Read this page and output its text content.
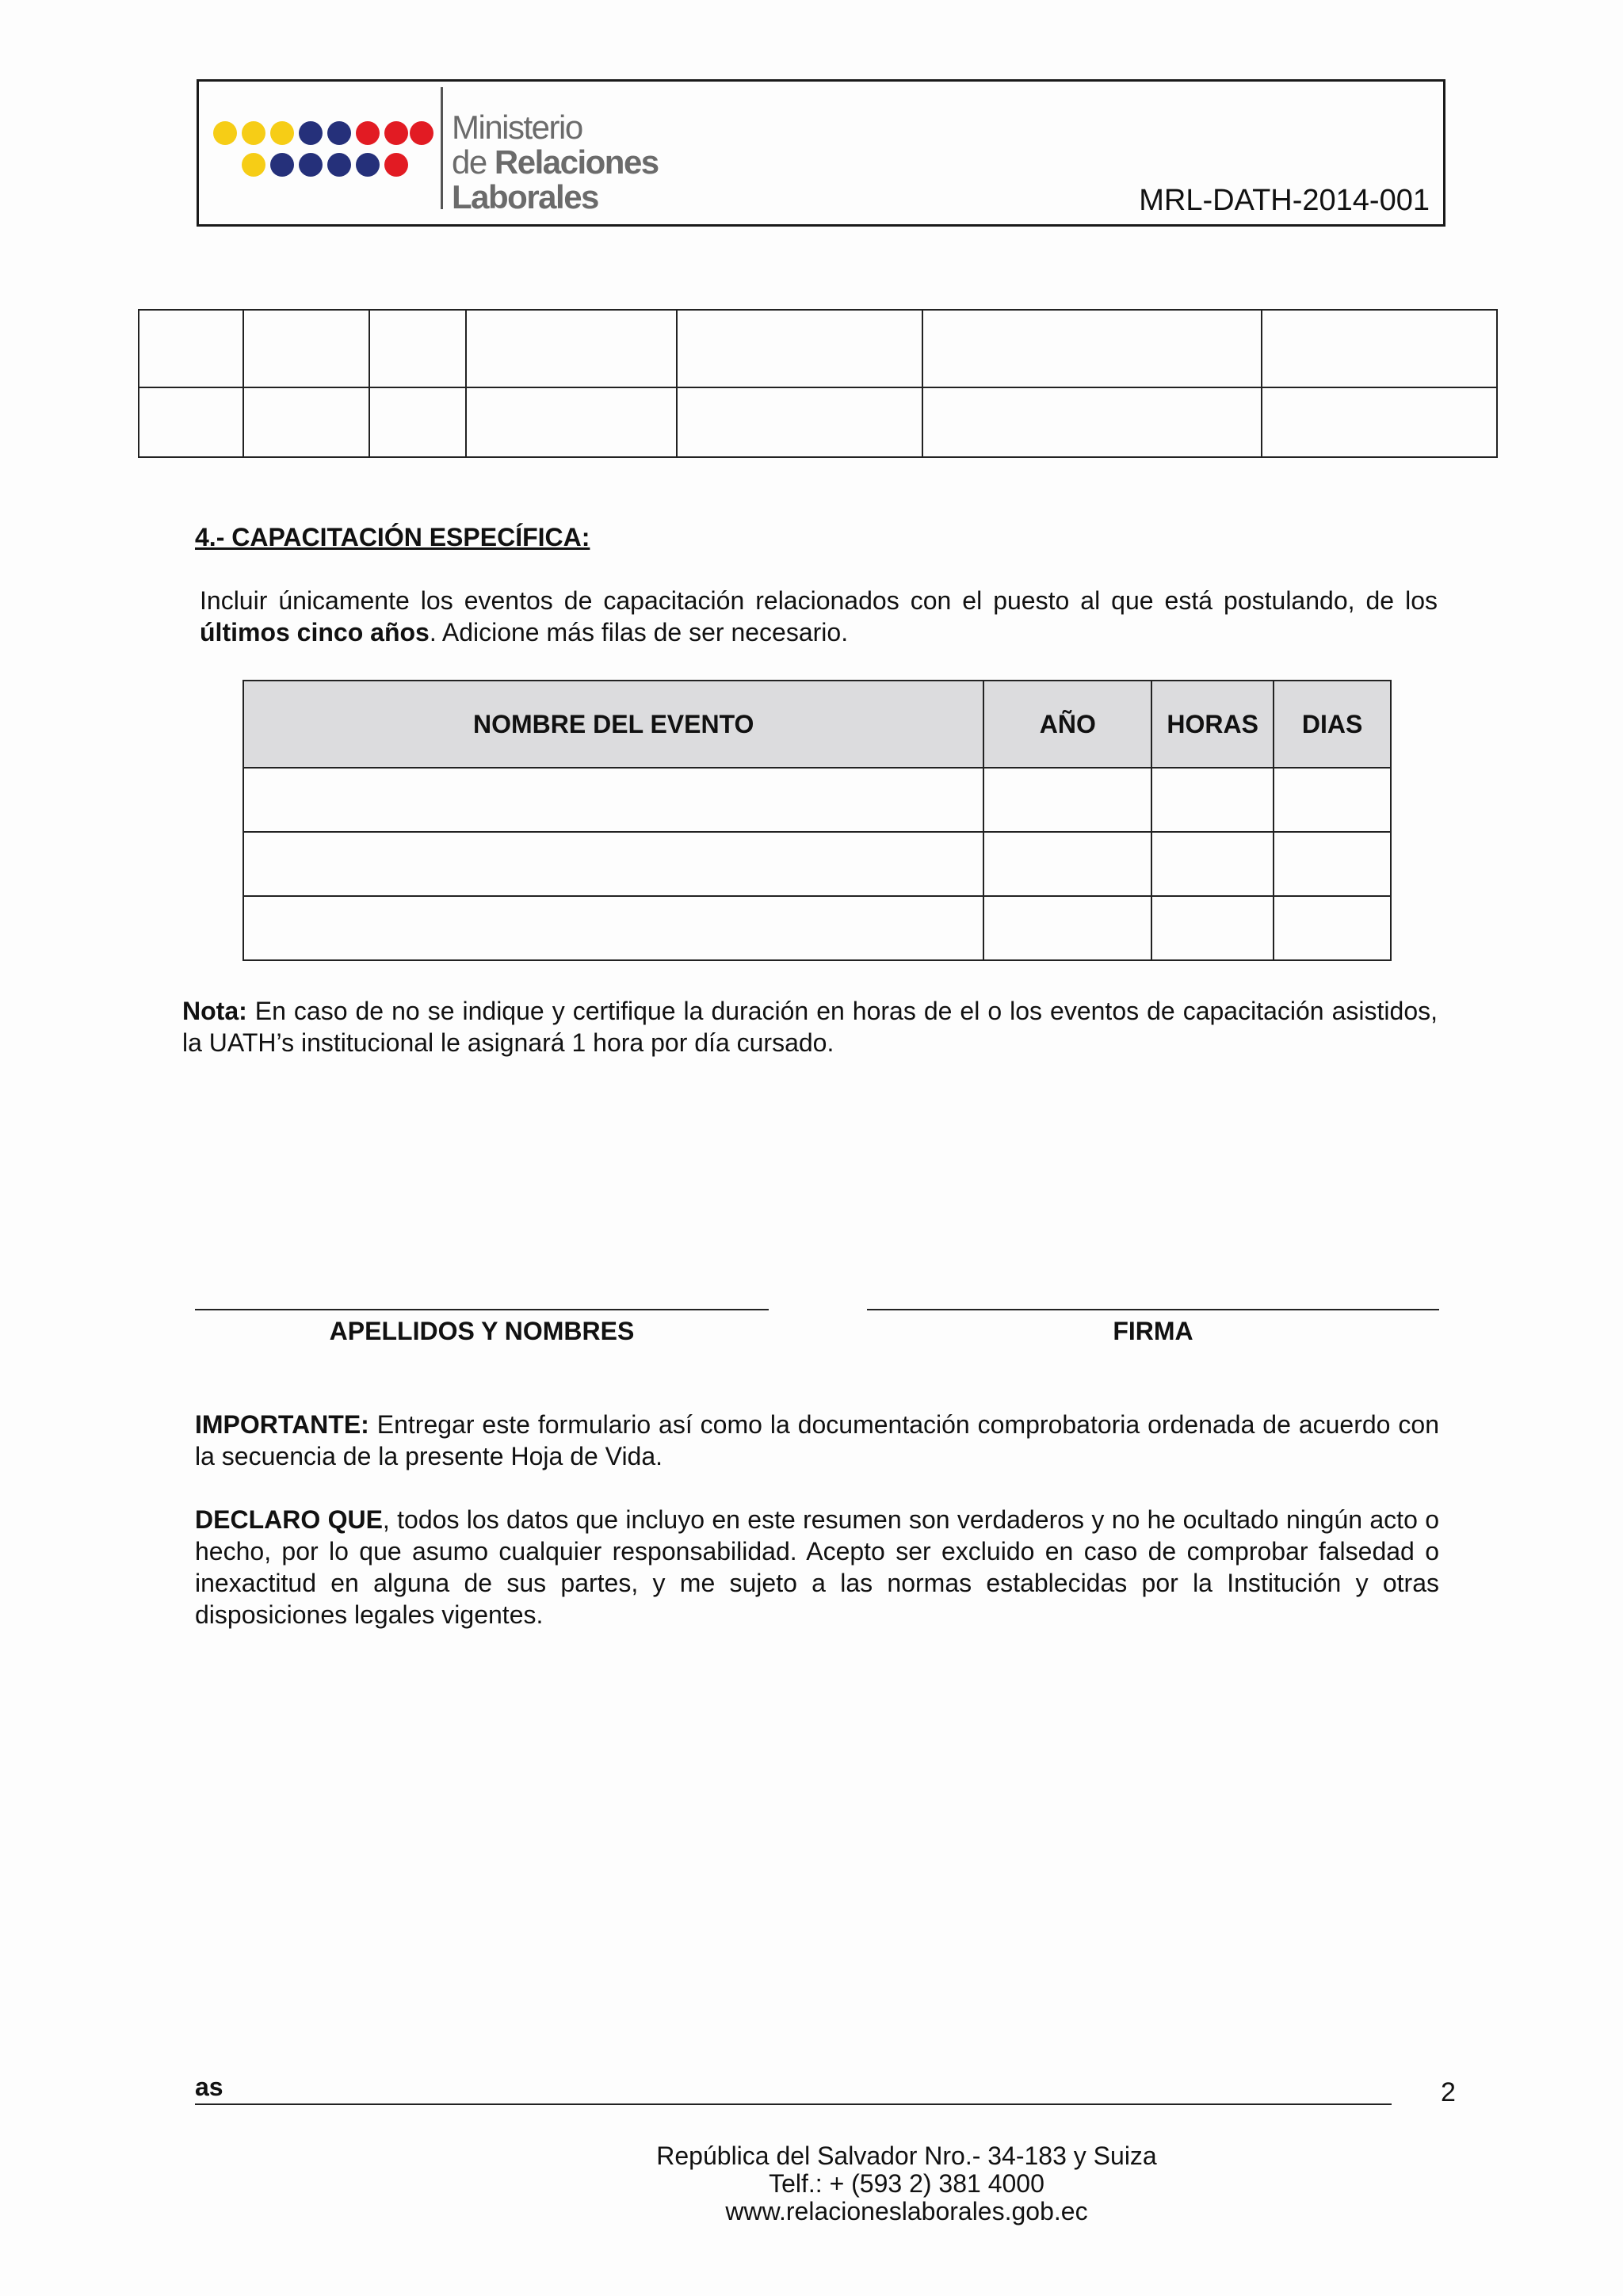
Ministerio
de Relaciones
Laborales	MRL-DATH-2014-001

4.- CAPACITACIÓN ESPECÍFICA:
Incluir únicamente los eventos de capacitación relacionados con el puesto al que está postulando, de los últimos cinco años. Adicione más filas de ser necesario.
NOMBRE DEL EVENTO	AÑO	HORAS	DIAS

Nota: En caso de no se indique y certifique la duración en horas de el o los eventos de capacitación asistidos, la UATH’s institucional le asignará 1 hora por día cursado.
APELLIDOS Y NOMBRES	FIRMA
IMPORTANTE: Entregar este formulario así como la documentación comprobatoria ordenada de acuerdo con la secuencia de la presente Hoja de Vida.
DECLARO QUE, todos los datos que incluyo en este resumen son verdaderos y no he ocultado ningún acto o hecho, por lo que asumo cualquier responsabilidad. Acepto ser excluido en caso de comprobar falsedad o inexactitud en alguna de sus partes, y me sujeto a las normas establecidas por la Institución y otras disposiciones legales vigentes.
as	2
República del Salvador Nro.- 34-183 y Suiza
Telf.: + (593 2) 381 4000
www.relacioneslaborales.gob.ec
